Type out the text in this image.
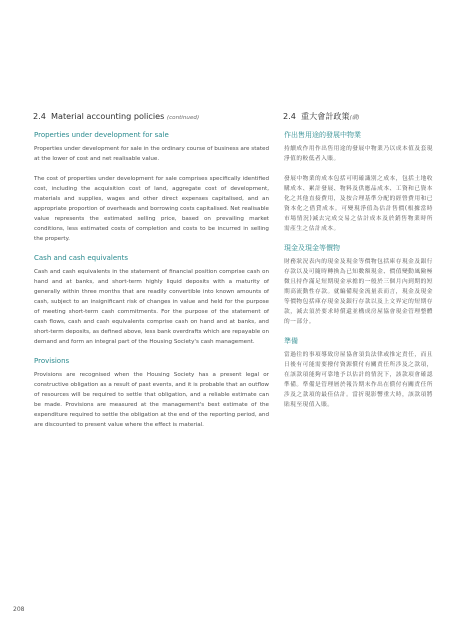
2.4 Material accounting policies (continued)
Properties under development for sale
Properties under development for sale in the ordinary course of business are stated at the lower of cost and net realisable value.
The cost of properties under development for sale comprises specifically identified cost, including the acquisition cost of land, aggregate cost of development, materials and supplies, wages and other direct expenses capitalised, and an appropriate proportion of overheads and borrowing costs capitalised. Net realisable value represents the estimated selling price, based on prevailing market conditions, less estimated costs of completion and costs to be incurred in selling the property.
Cash and cash equivalents
Cash and cash equivalents in the statement of financial position comprise cash on hand and at banks, and short-term highly liquid deposits with a maturity of generally within three months that are readily convertible into known amounts of cash, subject to an insignificant risk of changes in value and held for the purpose of meeting short-term cash commitments. For the purpose of the statement of cash flows, cash and cash equivalents comprise cash on hand and at banks, and short-term deposits, as defined above, less bank overdrafts which are repayable on demand and form an integral part of the Housing Society's cash management.
Provisions
Provisions are recognised when the Housing Society has a present legal or constructive obligation as a result of past events, and it is probable that an outflow of resources will be required to settle that obligation, and a reliable estimate can be made. Provisions are measured at the management's best estimate of the expenditure required to settle the obligation at the end of the reporting period, and are discounted to present value where the effect is material.
2.4 重大會計政策(續)
作出售用途的發展中物業
持續成作用作出售用途的發展中物業乃以成本值及套現淨值的較低者入賬。
發展中物業的成本包括可明確識別之成本，包括土地收購成本、累計發展、物料及供應品成本、工資和已資本化之其他直接費用，及按合理基準分配的經營費用和已資本化之借貸成本。可變現淨值為估計售價(根據當時市場情況)減去完成交易之估計成本及於銷售物業時所需產生之估計成本。
現金及現金等價物
財務狀況表內的現金及現金等價物包括庫存現金及銀行存款以及可隨時轉換為已知數額現金、價值變動風險極微且持作滿足短期現金承擔的一般於三個月內到期的短期高流動性存款。就編備現金流量表而言，現金及現金等價物包括庫存現金及銀行存款以及上文界定的短期存款，減去須於要求時償還並構成房屋協會現金管理整體的一部分。
準備
當過往的事項導致房屋協會須負法律或推定責任，而且日後有可能需要撥付資源償付有關責任所涉及之款項，在該款項能夠可靠地予以估計的情況下，該款項會確認準備。準備是管理層於報告期末作出在償付有關責任所涉及之款項的最佳估計。當折現影響重大時，該款項將貼現至現值入賬。
208
